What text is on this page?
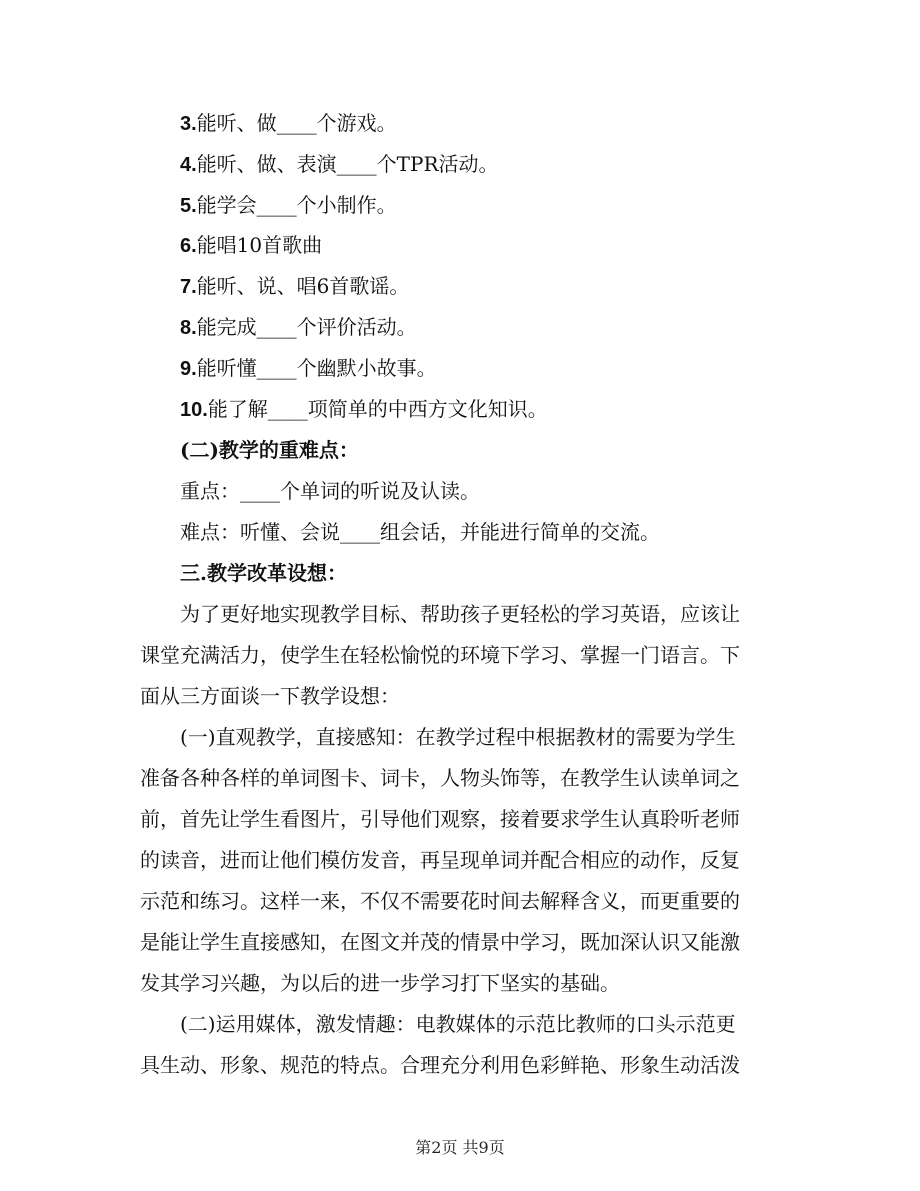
3.能听、做____个游戏。
4.能听、做、表演____个TPR活动。
5.能学会____个小制作。
6.能唱10首歌曲
7.能听、说、唱6首歌谣。
8.能完成____个评价活动。
9.能听懂____个幽默小故事。
10.能了解____项简单的中西方文化知识。
(二)教学的重难点：
重点：____个单词的听说及认读。
难点：听懂、会说____组会话，并能进行简单的交流。
三.教学改革设想：
为了更好地实现教学目标、帮助孩子更轻松的学习英语，应该让
课堂充满活力，使学生在轻松愉悦的环境下学习、掌握一门语言。下
面从三方面谈一下教学设想：
(一)直观教学，直接感知：在教学过程中根据教材的需要为学生
准备各种各样的单词图卡、词卡，人物头饰等，在教学生认读单词之
前，首先让学生看图片，引导他们观察，接着要求学生认真聆听老师
的读音，进而让他们模仿发音，再呈现单词并配合相应的动作，反复
示范和练习。这样一来，不仅不需要花时间去解释含义，而更重要的
是能让学生直接感知，在图文并茂的情景中学习，既加深认识又能激
发其学习兴趣，为以后的进一步学习打下坚实的基础。
(二)运用媒体，激发情趣：电教媒体的示范比教师的口头示范更
具生动、形象、规范的特点。合理充分利用色彩鲜艳、形象生动活泼
第2页 共9页
